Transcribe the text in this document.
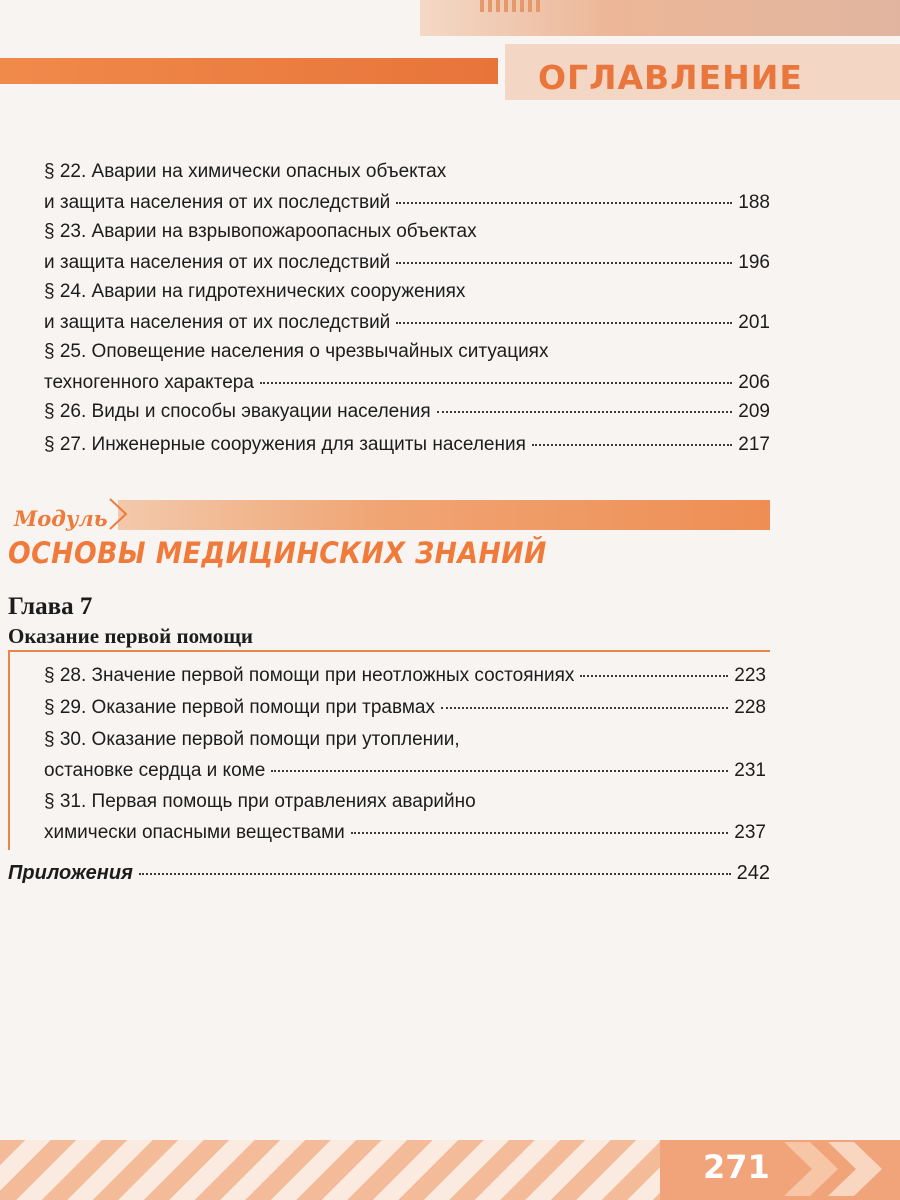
ОГЛАВЛЕНИЕ
§ 22. Аварии на химически опасных объектах
и защита населения от их последствий	188
§ 23. Аварии на взрывопожароопасных объектах
и защита населения от их последствий	196
§ 24. Аварии на гидротехнических сооружениях
и защита населения от их последствий	201
§ 25. Оповещение населения о чрезвычайных ситуациях
техногенного характера	206
§ 26. Виды и способы эвакуации населения	209
§ 27. Инженерные сооружения для защиты населения	217
Модуль
ОСНОВЫ МЕДИЦИНСКИХ ЗНАНИЙ
Глава 7
Оказание первой помощи
§ 28. Значение первой помощи при неотложных состояниях	223
§ 29. Оказание первой помощи при травмах	228
§ 30. Оказание первой помощи при утоплении,
остановке сердца и коме	231
§ 31. Первая помощь при отравлениях аварийно
химически опасными веществами	237
Приложения	242
271
